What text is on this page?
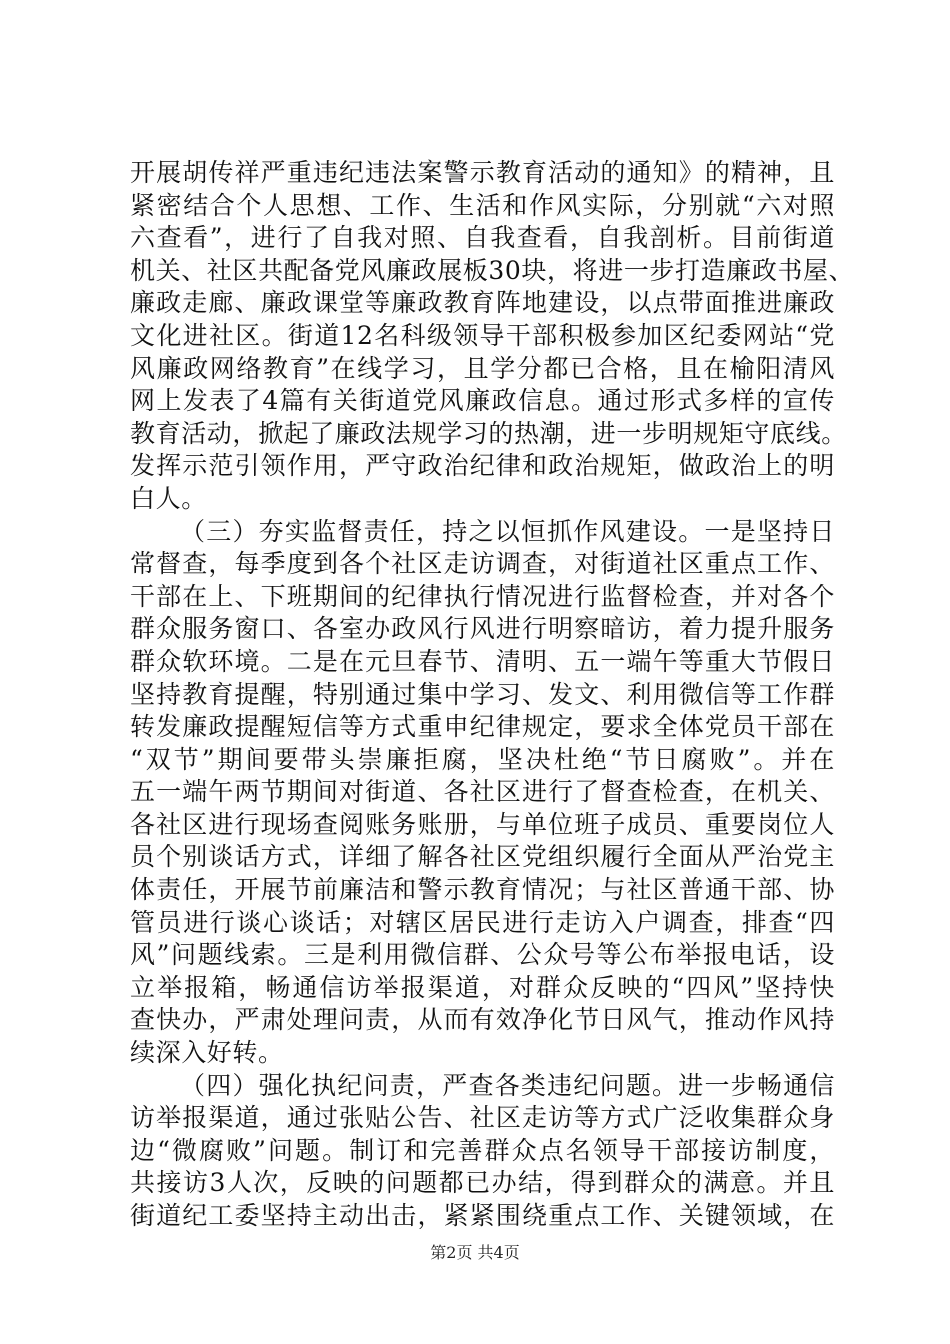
开展胡传祥严重违纪违法案警示教育活动的通知》的精神，且
紧密结合个人思想、工作、生活和作风实际，分别就“六对照
六查看”，进行了自我对照、自我查看，自我剖析。目前街道
机关、社区共配备党风廉政展板30块，将进一步打造廉政书屋、
廉政走廊、廉政课堂等廉政教育阵地建设，以点带面推进廉政
文化进社区。街道12名科级领导干部积极参加区纪委网站“党
风廉政网络教育”在线学习，且学分都已合格，且在榆阳清风
网上发表了4篇有关街道党风廉政信息。通过形式多样的宣传
教育活动，掀起了廉政法规学习的热潮，进一步明规矩守底线。
发挥示范引领作用，严守政治纪律和政治规矩，做政治上的明
白人。
（三）夯实监督责任，持之以恒抓作风建设。一是坚持日
常督查，每季度到各个社区走访调查，对街道社区重点工作、
干部在上、下班期间的纪律执行情况进行监督检查，并对各个
群众服务窗口、各室办政风行风进行明察暗访，着力提升服务
群众软环境。二是在元旦春节、清明、五一端午等重大节假日
坚持教育提醒，特别通过集中学习、发文、利用微信等工作群
转发廉政提醒短信等方式重申纪律规定，要求全体党员干部在
“双节”期间要带头崇廉拒腐，坚决杜绝“节日腐败”。并在
五一端午两节期间对街道、各社区进行了督查检查，在机关、
各社区进行现场查阅账务账册，与单位班子成员、重要岗位人
员个别谈话方式，详细了解各社区党组织履行全面从严治党主
体责任，开展节前廉洁和警示教育情况；与社区普通干部、协
管员进行谈心谈话；对辖区居民进行走访入户调查，排查“四
风”问题线索。三是利用微信群、公众号等公布举报电话，设
立举报箱，畅通信访举报渠道，对群众反映的“四风”坚持快
查快办，严肃处理问责，从而有效净化节日风气，推动作风持
续深入好转。
（四）强化执纪问责，严查各类违纪问题。进一步畅通信
访举报渠道，通过张贴公告、社区走访等方式广泛收集群众身
边“微腐败”问题。制订和完善群众点名领导干部接访制度，
共接访3人次，反映的问题都已办结，得到群众的满意。并且
街道纪工委坚持主动出击，紧紧围绕重点工作、关键领域，在
第2页 共4页
